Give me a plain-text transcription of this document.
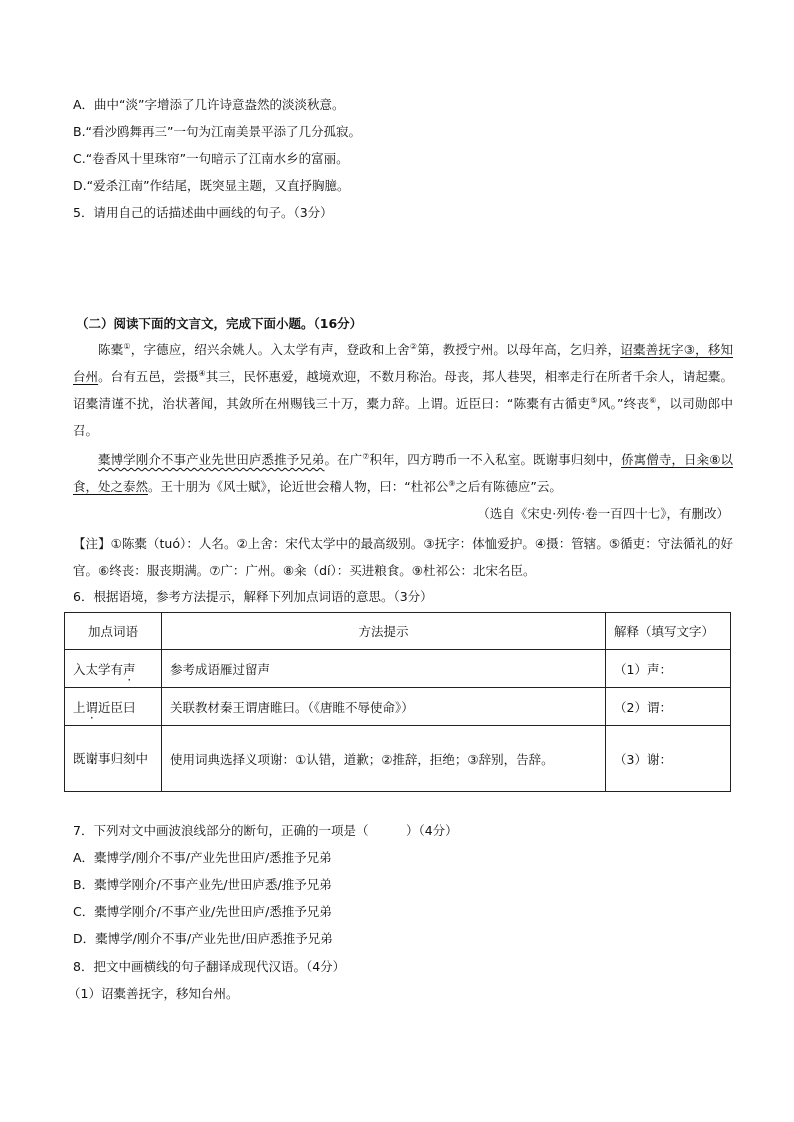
A．曲中“淡”字增添了几许诗意盎然的淡淡秋意。
B.“看沙鸥舞再三”一句为江南美景平添了几分孤寂。
C.“卷香风十里珠帘”一句暗示了江南水乡的富丽。
D.“爱杀江南”作结尾，既突显主题，又直抒胸臆。
5．请用自己的话描述曲中画线的句子。（3分）
（二）阅读下面的文言文，完成下面小题。（16分）
陈橐①，字德应，绍兴余姚人。入太学有声，登政和上舍②第，教授宁州。以母年高，乞归养，诏橐善抚字③，移知台州。台有五邑，尝摄④其三，民怀惠爱，越境欢迎，不数月称治。母丧，邦人巷哭，相率走行在所者千余人，请起橐。诏橐清谨不扰，治状著闻，其敛所在州赐钱三十万，橐力辞。上谓。近臣曰：“陈橐有古循吏⑤风。”终丧⑥，以司勋郎中召。
橐博学刚介不事产业先世田庐悉推予兄弟。在广⑦积年，四方聘币一不入私室。既谢事归刻中，侨寓僧寺，日籴⑧以食，处之泰然。王十朋为《风士赋》，论近世会稽人物，曰：“杜祁公⑨之后有陈德应”云。
（选自《宋史·列传·卷一百四十七》，有删改）
【注】①陈橐（tuó）：人名。②上舍：宋代太学中的最高级别。③抚字：体恤爱护。④摄：管辖。⑤循吏：守法循礼的好官。⑥终丧：服丧期满。⑦广：广州。⑧籴（dí）：买进粮食。⑨杜祁公：北宋名臣。
6．根据语境，参考方法提示，解释下列加点词语的意思。（3分）
加点词语	方法提示	解释（填写文字）
入太学有声	参考成语雁过留声	（1）声：
上谓近臣曰	关联教材秦王谓唐睢曰。（《唐睢不辱使命》）	（2）谓：
既谢事归刻中	使用词典选择义项谢：①认错，道歉；②推辞，拒绝；③辞别，告辞。	（3）谢：
7．下列对文中画波浪线部分的断句，正确的一项是（　　　）（4分）
A．橐博学/刚介不事/产业先世田庐/悉推予兄弟
B．橐博学刚介/不事产业先/世田庐悉/推予兄弟
C．橐博学刚介/不事产业/先世田庐/悉推予兄弟
D．橐博学/刚介不事/产业先世/田庐悉推予兄弟
8．把文中画横线的句子翻译成现代汉语。（4分）
（1）诏橐善抚字，移知台州。
